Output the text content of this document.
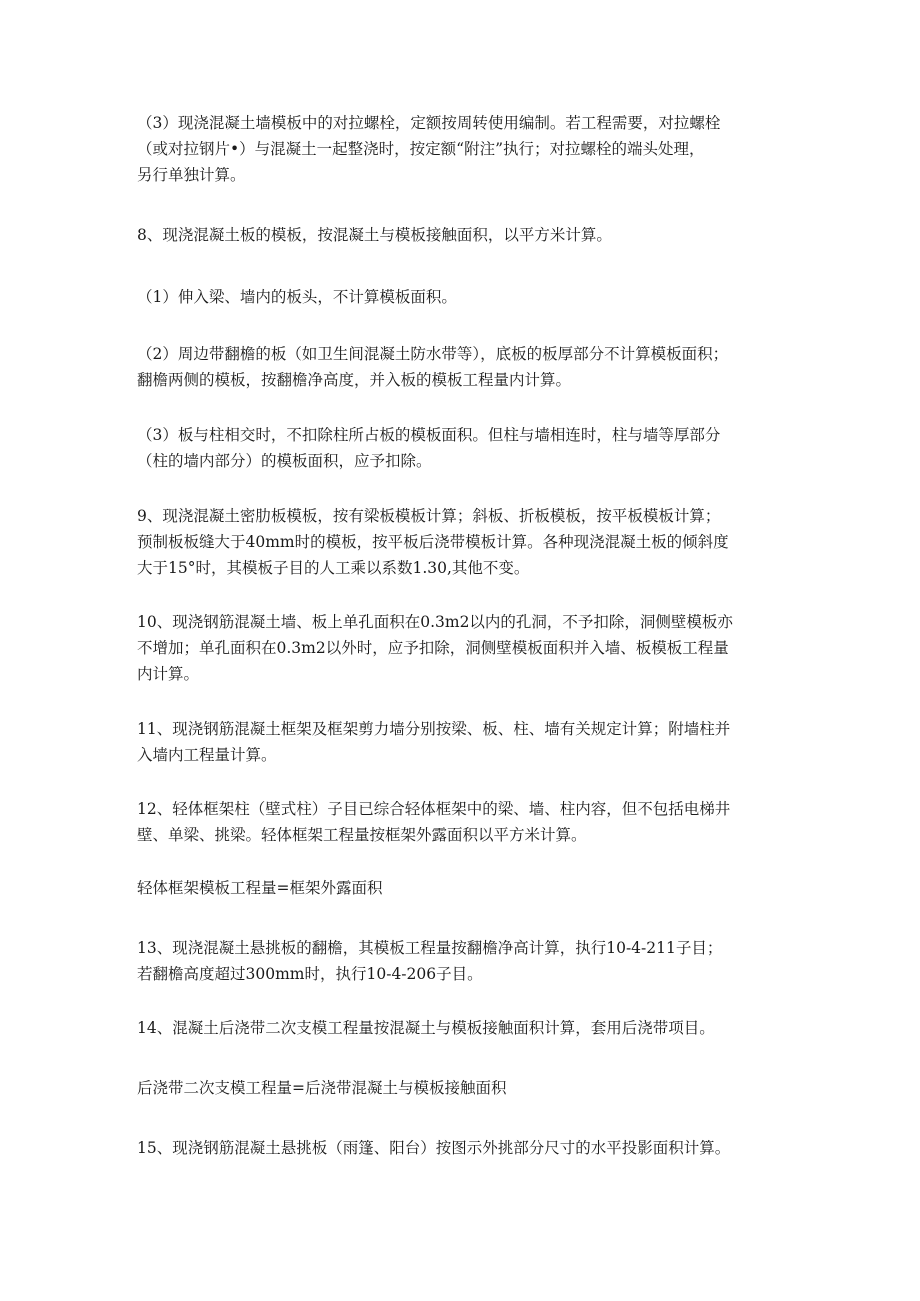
（3）现浇混凝土墙模板中的对拉螺栓，定额按周转使用编制。若工程需要，对拉螺栓
（或对拉钢片•）与混凝土一起整浇时，按定额“附注”执行；对拉螺栓的端头处理，
另行单独计算。
8、现浇混凝土板的模板，按混凝土与模板接触面积，以平方米计算。
（1）伸入梁、墙内的板头，不计算模板面积。
（2）周边带翻檐的板（如卫生间混凝土防水带等），底板的板厚部分不计算模板面积；
翻檐两侧的模板，按翻檐净高度，并入板的模板工程量内计算。
（3）板与柱相交时，不扣除柱所占板的模板面积。但柱与墙相连时，柱与墙等厚部分
（柱的墙内部分）的模板面积，应予扣除。
9、现浇混凝土密肋板模板，按有梁板模板计算；斜板、折板模板，按平板模板计算；
预制板板缝大于40mm时的模板，按平板后浇带模板计算。各种现浇混凝土板的倾斜度
大于15°时，其模板子目的人工乘以系数1.30,其他不变。
10、现浇钢筋混凝土墙、板上单孔面积在0.3m2以内的孔洞，不予扣除，洞侧壁模板亦
不增加；单孔面积在0.3m2以外时，应予扣除，洞侧壁模板面积并入墙、板模板工程量
内计算。
11、现浇钢筋混凝土框架及框架剪力墙分别按梁、板、柱、墙有关规定计算；附墙柱并
入墙内工程量计算。
12、轻体框架柱（壁式柱）子目已综合轻体框架中的梁、墙、柱内容，但不包括电梯井
壁、单梁、挑梁。轻体框架工程量按框架外露面积以平方米计算。
轻体框架模板工程量=框架外露面积
13、现浇混凝土悬挑板的翻檐，其模板工程量按翻檐净高计算，执行10-4-211子目；
若翻檐高度超过300mm时，执行10-4-206子目。
14、混凝土后浇带二次支模工程量按混凝土与模板接触面积计算，套用后浇带项目。
后浇带二次支模工程量=后浇带混凝土与模板接触面积
15、现浇钢筋混凝土悬挑板（雨篷、阳台）按图示外挑部分尺寸的水平投影面积计算。
